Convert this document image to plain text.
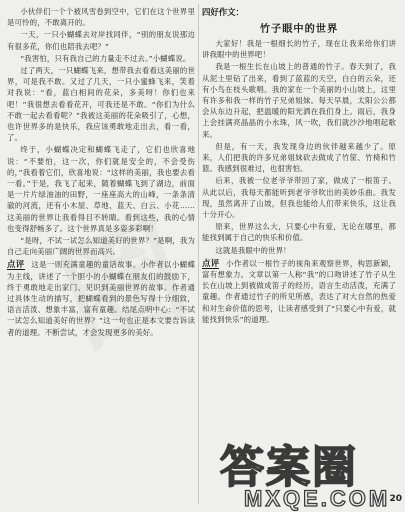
小伙伴们一个个被风雪卷到空中，它们在这个世界里是可怜的，不敢离开的。

一天，一只小蝴蝶去对岸找同伴，“别的朋友说那边有很多花，你们也陪我去吧？”

“我害怕，只有我自己的力量走不过去。”小蝴蝶说。

过了两天，一只蝴蝶飞来，想带我去看看这美丽的世界，可是我不敢。又过了几天，一只小蜜蜂飞来，笑着对我说：“看，蓝白相间的花朵，多美呀！你们也来吧！”我很想去看看花开，可我还是不敢。“你们为什么不敢一起去看看呢？”我被这美丽的花朵吸引了，心想，也许世界多的是快乐，我应该勇敢地走出去，看一看，了。

终于，小蝴蝶决定和蝴蝶飞走了，它们也欣喜地说：“不要怕，这一次，你们就是安全的，不会受伤的，”我看着它们，欣喜地说：“这样的美丽，我也要去看一看。”于是，我飞了起来，随着蝴蝶飞到了湖边，前面是一片片绿油油的田野，一座座高大的山峰，一条条清澈的河流，还有小木屋、草地、蓝天、白云、小花……这美丽的世界让我看得目不转睛。看到这些，我的心情也变得舒畅多了。这个世界真是多姿多彩啊！

“是呀，不试一试怎么知道美好的世界？”是啊，我为自己走向美丽广阔的世界而高兴。

点评 这是一则充满童趣的童话故事。小作者以小蝴蝶为主线，讲述了一个胆小的小蝴蝶在朋友们的鼓励下，终于勇敢地走出家门、见识到美丽世界的故事。作者通过具体生动的描写，把蝴蝶看到的景色写得十分细致，语言活泼、想象丰富，富有童趣。结尾点明中心：“不试一试怎么知道美好的世界？”这一句也正是本文要告诉读者的道理。不断尝试，才会发现更多的美好。

四好作文：
竹子眼中的世界

大家好！我是一根细长的竹子，现在让我来给你们讲讲我眼中的世界吧！

我是一根生长在山坡上的普通的竹子。春天到了，我从泥土里钻了出来，看到了蓝蓝的天空，白白的云朵，还有小鸟在枝头歌唱。我的家在一个美丽的小山坡上，这里有许多和我一样的竹子兄弟姐妹。每天早晨，太阳公公都会从东边升起，把温暖的阳光洒在我们身上。雨后，我身上会挂满亮晶晶的小水珠，风一吹，我们就沙沙地唱起歌来。

但是，有一天，我发现身边的伙伴越来越少了。原来，人们把我的许多兄弟姐妹砍去做成了竹筐、竹椅和竹篮。我感到很难过，也很害怕。

后来，我被一位老爷爷带回了家，做成了一根笛子。从此以后，我每天都能听到老爷爷吹出的美妙乐曲。我发现，虽然离开了山坡，但我也能给人们带来快乐，这让我十分开心。

原来，世界这么大，只要心中有爱，无论在哪里，都能找到属于自己的快乐和价值。

这就是我眼中的世界！

点评 小作者以一根竹子的视角来观察世界，构思新颖，富有想象力。文章以第一人称“我”的口吻讲述了竹子从生长在山坡上到被做成笛子的经历，语言生动活泼，充满了童趣。作者通过竹子的所见所感，表达了对大自然的热爱和对生命价值的思考，让读者感受到了“只要心中有爱，就能找到快乐”的道理。

答案圈
MXQE.COM 20
